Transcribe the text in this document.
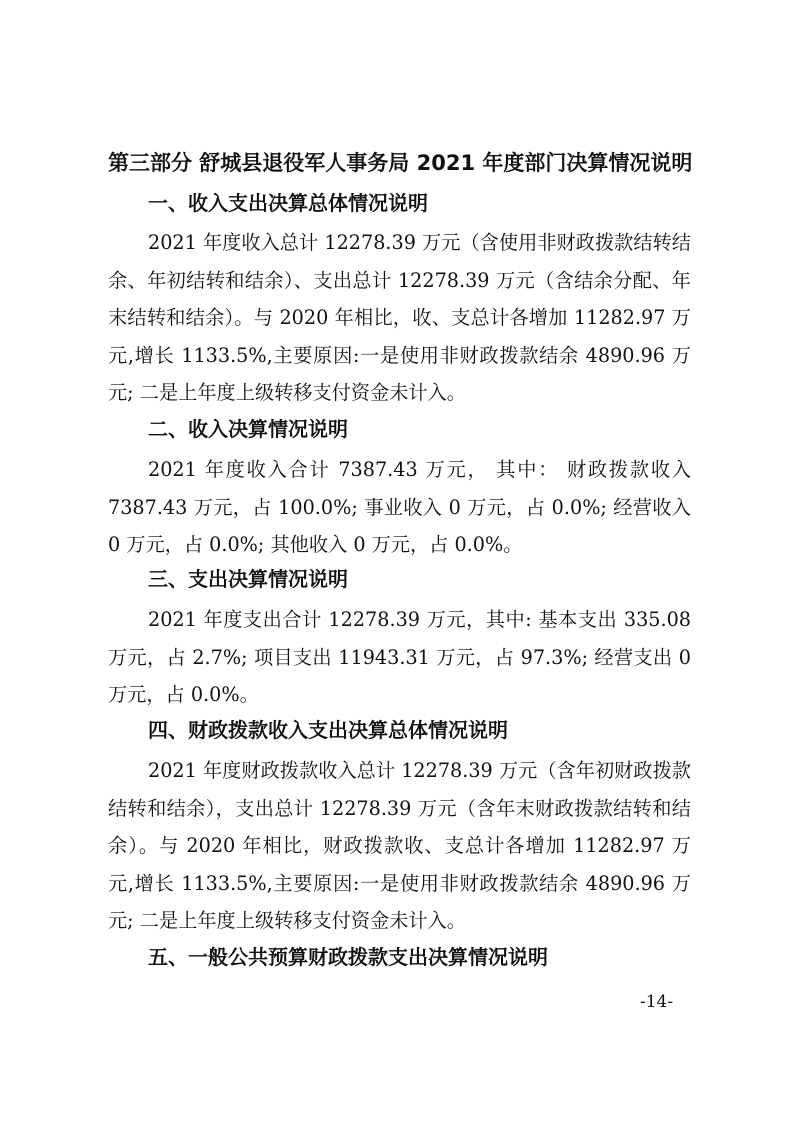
第三部分 舒城县退役军人事务局 2021 年度部门决算情况说明
一、收入支出决算总体情况说明
2021 年度收入总计 12278.39 万元（含使用非财政拨款结转结余、年初结转和结余）、支出总计 12278.39 万元（含结余分配、年末结转和结余）。与 2020 年相比，收、支总计各增加 11282.97 万元,增长 1133.5%,主要原因:一是使用非财政拨款结余 4890.96 万元; 二是上年度上级转移支付资金未计入。
二、收入决算情况说明
2021 年度收入合计 7387.43 万元， 其中： 财政拨款收入 7387.43 万元，占 100.0%; 事业收入 0 万元，占 0.0%; 经营收入 0 万元，占 0.0%; 其他收入 0 万元，占 0.0%。
三、支出决算情况说明
2021 年度支出合计 12278.39 万元，其中: 基本支出 335.08 万元，占 2.7%; 项目支出 11943.31 万元，占 97.3%; 经营支出 0 万元，占 0.0%。
四、财政拨款收入支出决算总体情况说明
2021 年度财政拨款收入总计 12278.39 万元（含年初财政拨款结转和结余），支出总计 12278.39 万元（含年末财政拨款结转和结余）。与 2020 年相比，财政拨款收、支总计各增加 11282.97 万元,增长 1133.5%,主要原因:一是使用非财政拨款结余 4890.96 万元; 二是上年度上级转移支付资金未计入。
五、一般公共预算财政拨款支出决算情况说明
-14-
